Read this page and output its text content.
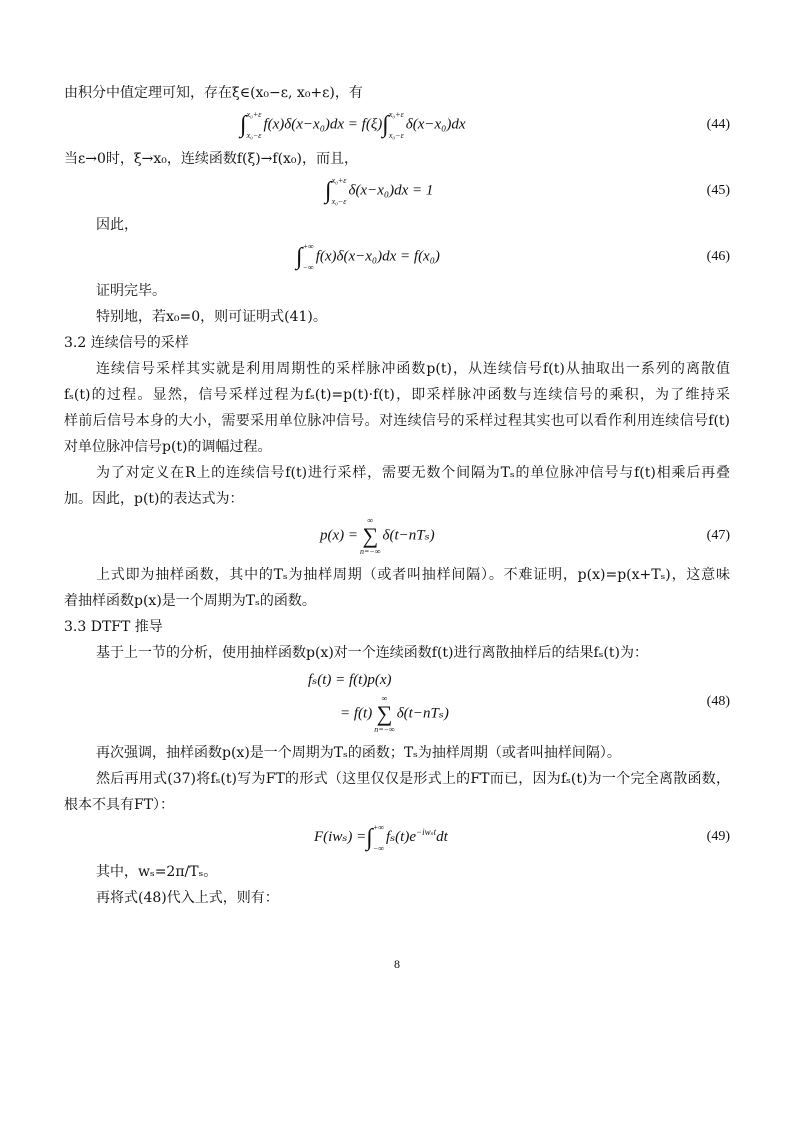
由积分中值定理可知，存在ξ∈(x₀−ε, x₀+ε)，有
∫ x₀+ε
x₀−ε
f(x)δ(x−x₀)dx = f(ξ) ∫ x₀+ε
x₀−ε
δ(x−x₀)dx	(44)
当ε→0时，ξ→x₀，连续函数f(ξ)→f(x₀)，而且，
∫ x₀+ε
x₀−ε
δ(x−x₀)dx = 1	(45)
因此，
∫ +∞
−∞
f(x)δ(x−x₀)dx = f(x₀)	(46)
证明完毕。
特别地，若x₀=0，则可证明式(41)。
3.2 连续信号的采样
连续信号采样其实就是利用周期性的采样脉冲函数p(t)，从连续信号f(t)从抽取出一系列的离散值
fₛ(t)的过程。显然，信号采样过程为fₛ(t)=p(t)·f(t)，即采样脉冲函数与连续信号的乘积，为了维持采
样前后信号本身的大小，需要采用单位脉冲信号。对连续信号的采样过程其实也可以看作利用连续信号f(t)
对单位脉冲信号p(t)的调幅过程。
为了对定义在R上的连续信号f(t)进行采样，需要无数个间隔为Tₛ的单位脉冲信号与f(t)相乘后再叠
加。因此，p(t)的表达式为：
p(x) =
∞
∑
n=−∞
δ(t−nTₛ)	(47)
上式即为抽样函数，其中的Tₛ为抽样周期（或者叫抽样间隔）。不难证明，p(x)=p(x+Tₛ)，这意味
着抽样函数p(x)是一个周期为Tₛ的函数。
3.3 DTFT 推导
基于上一节的分析，使用抽样函数p(x)对一个连续函数f(t)进行离散抽样后的结果fₛ(t)为：
fₛ(t) = f(t)p(x)
= f(t)
∞
∑
n=−∞
δ(t−nTₛ)
(48)
再次强调，抽样函数p(x)是一个周期为Tₛ的函数；Tₛ为抽样周期（或者叫抽样间隔）。
然后再用式(37)将fₛ(t)写为FT的形式（这里仅仅是形式上的FT而已，因为fₛ(t)为一个完全离散函数，
根本不具有FT）：
F(iwₛ) = ∫ +∞
−∞
$f_s(t)e^{-iw_st}dt$	(49)
其中，wₛ=2π/Tₛ。
再将式(48)代入上式，则有：
8
